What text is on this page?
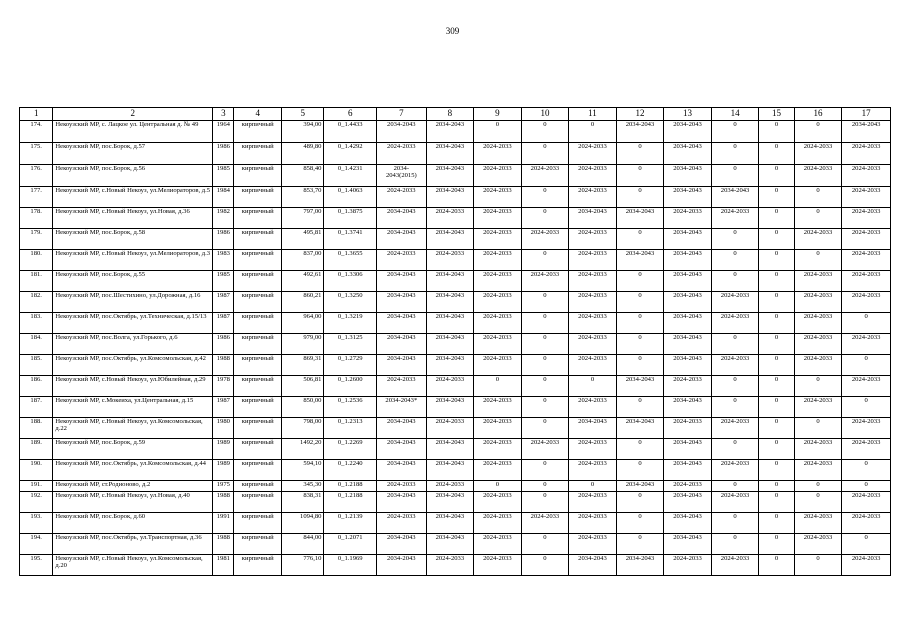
309
1	2	3	4	5	6	7	8	9	10	11	12	13	14	15	16	17
174.	Некоузский МР, с. Лацкое ул. Центральная д. № 49	1964	кирпичный	394,00	0_1.4433	2034-2043	2034-2043	0	0	0	2034-2043	2034-2043	0	0	0	2034-2043
175.	Некоузский МР, пос.Борок, д.57	1986	кирпичный	489,80	0_1.4292	2024-2033	2034-2043	2024-2033	0	2024-2033	0	2034-2043	0	0	2024-2033	2024-2033
176.	Некоузский МР, пос.Борок, д.56	1985	кирпичный	858,40	0_1.4231	2034-2043(2015)	2034-2043	2024-2033	2024-2033	2024-2033	0	2034-2043	0	0	2024-2033	2024-2033
177.	Некоузский МР, с.Новый Некоуз, ул.Мелиораторов, д.5	1984	кирпичный	853,70	0_1.4063	2024-2033	2034-2043	2024-2033	0	2024-2033	0	2034-2043	2034-2043	0	0	2024-2033
178.	Некоузский МР, с.Новый Некоуз, ул.Новая, д.36	1982	кирпичный	797,00	0_1.3875	2034-2043	2024-2033	2024-2033	0	2034-2043	2034-2043	2024-2033	2024-2033	0	0	2024-2033
179.	Некоузский МР, пос.Борок, д.58	1986	кирпичный	495,81	0_1.3741	2034-2043	2034-2043	2024-2033	2024-2033	2024-2033	0	2034-2043	0	0	2024-2033	2024-2033
180.	Некоузский МР, с.Новый Некоуз, ул.Мелиораторов, д.3	1983	кирпичный	837,00	0_1.3655	2024-2033	2024-2033	2024-2033	0	2024-2033	2034-2043	2034-2043	0	0	0	2024-2033
181.	Некоузский МР, пос.Борок, д.55	1985	кирпичный	492,61	0_1.3306	2034-2043	2034-2043	2024-2033	2024-2033	2024-2033	0	2034-2043	0	0	2024-2033	2024-2033
182.	Некоузский МР, пос.Шестихино, ул.Дорожная, д.16	1987	кирпичный	860,21	0_1.3250	2034-2043	2034-2043	2024-2033	0	2024-2033	0	2034-2043	2024-2033	0	2024-2033	2024-2033
183.	Некоузский МР, пос.Октябрь, ул.Техническая, д.15/13	1987	кирпичный	964,00	0_1.3219	2034-2043	2034-2043	2024-2033	0	2024-2033	0	2034-2043	2024-2033	0	2024-2033	0
184.	Некоузский МР, пос.Волга, ул.Горького, д.6	1986	кирпичный	979,00	0_1.3125	2034-2043	2034-2043	2024-2033	0	2024-2033	0	2034-2043	0	0	2024-2033	2024-2033
185.	Некоузский МР, пос.Октябрь, ул.Комсомольская, д.42	1988	кирпичный	869,31	0_1.2729	2034-2043	2034-2043	2024-2033	0	2024-2033	0	2034-2043	2024-2033	0	2024-2033	0
186.	Некоузский МР, с.Новый Некоуз, ул.Юбилейная, д.29	1978	кирпичный	506,81	0_1.2600	2024-2033	2024-2033	0	0	0	2034-2043	2024-2033	0	0	0	2024-2033
187.	Некоузский МР, с.Мокеиха, ул.Центральная, д.15	1987	кирпичный	850,00	0_1.2536	2034-2043*	2034-2043	2024-2033	0	2024-2033	0	2034-2043	0	0	2024-2033	0
188.	Некоузский МР, с.Новый Некоуз, ул.Комсомольская, д.22	1980	кирпичный	798,00	0_1.2313	2034-2043	2024-2033	2024-2033	0	2034-2043	2034-2043	2024-2033	2024-2033	0	0	2024-2033
189.	Некоузский МР, пос.Борок, д.59	1989	кирпичный	1492,20	0_1.2269	2034-2043	2034-2043	2024-2033	2024-2033	2024-2033	0	2034-2043	0	0	2024-2033	2024-2033
190.	Некоузский МР, пос.Октябрь, ул.Комсомольская, д.44	1989	кирпичный	594,10	0_1.2240	2034-2043	2034-2043	2024-2033	0	2024-2033	0	2034-2043	2024-2033	0	2024-2033	0
191.	Некоузский МР, ст.Родионово, д.2	1975	кирпичный	345,30	0_1.2188	2024-2033	2024-2033	0	0	0	2034-2043	2024-2033	0	0	0	0
192.	Некоузский МР, с.Новый Некоуз, ул.Новая, д.40	1988	кирпичный	838,31	0_1.2188	2034-2043	2034-2043	2024-2033	0	2024-2033	0	2034-2043	2024-2033	0	0	2024-2033
193.	Некоузский МР, пос.Борок, д.60	1991	кирпичный	1094,80	0_1.2139	2024-2033	2034-2043	2024-2033	2024-2033	2024-2033	0	2034-2043	0	0	2024-2033	2024-2033
194.	Некоузский МР, пос.Октябрь, ул.Транспортная, д.36	1988	кирпичный	844,00	0_1.2071	2034-2043	2034-2043	2024-2033	0	2024-2033	0	2034-2043	0	0	2024-2033	0
195.	Некоузский МР, с.Новый Некоуз, ул.Комсомольская, д.20	1981	кирпичный	776,10	0_1.1969	2034-2043	2024-2033	2024-2033	0	2034-2043	2034-2043	2024-2033	2024-2033	0	0	2024-2033
